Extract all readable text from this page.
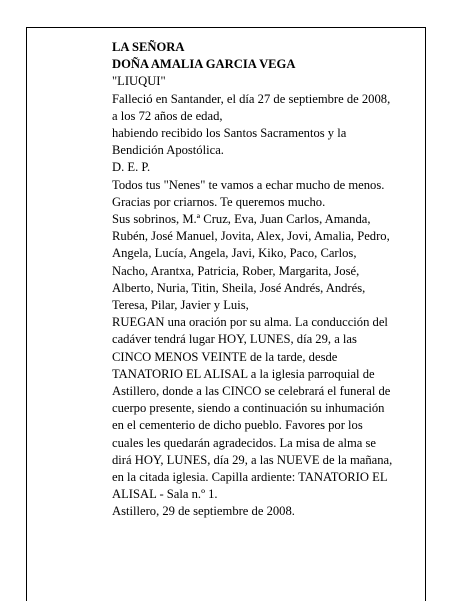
LA SEÑORA
DOÑA AMALIA GARCIA VEGA
"LIUQUI"
Falleció en Santander, el día 27 de septiembre de 2008,
a los 72 años de edad,
habiendo recibido los Santos Sacramentos y la
Bendición Apostólica.
D. E. P.
Todos tus "Nenes" te vamos a echar mucho de menos.
Gracias por criarnos. Te queremos mucho.
Sus sobrinos, M.ª Cruz, Eva, Juan Carlos, Amanda,
Rubén, José Manuel, Jovita, Alex, Jovi, Amalia, Pedro,
Angela, Lucía, Angela, Javi, Kiko, Paco, Carlos,
Nacho, Arantxa, Patricia, Rober, Margarita, José,
Alberto, Nuria, Titin, Sheila, José Andrés, Andrés,
Teresa, Pilar, Javier y Luis,
RUEGAN una oración por su alma. La conducción del
cadáver tendrá lugar HOY, LUNES, día 29, a las
CINCO MENOS VEINTE de la tarde, desde
TANATORIO EL ALISAL a la iglesia parroquial de
Astillero, donde a las CINCO se celebrará el funeral de
cuerpo presente, siendo a continuación su inhumación
en el cementerio de dicho pueblo. Favores por los
cuales les quedarán agradecidos. La misa de alma se
dirá HOY, LUNES, día 29, a las NUEVE de la mañana,
en la citada iglesia. Capilla ardiente: TANATORIO EL
ALISAL - Sala n.º 1.
Astillero, 29 de septiembre de 2008.
